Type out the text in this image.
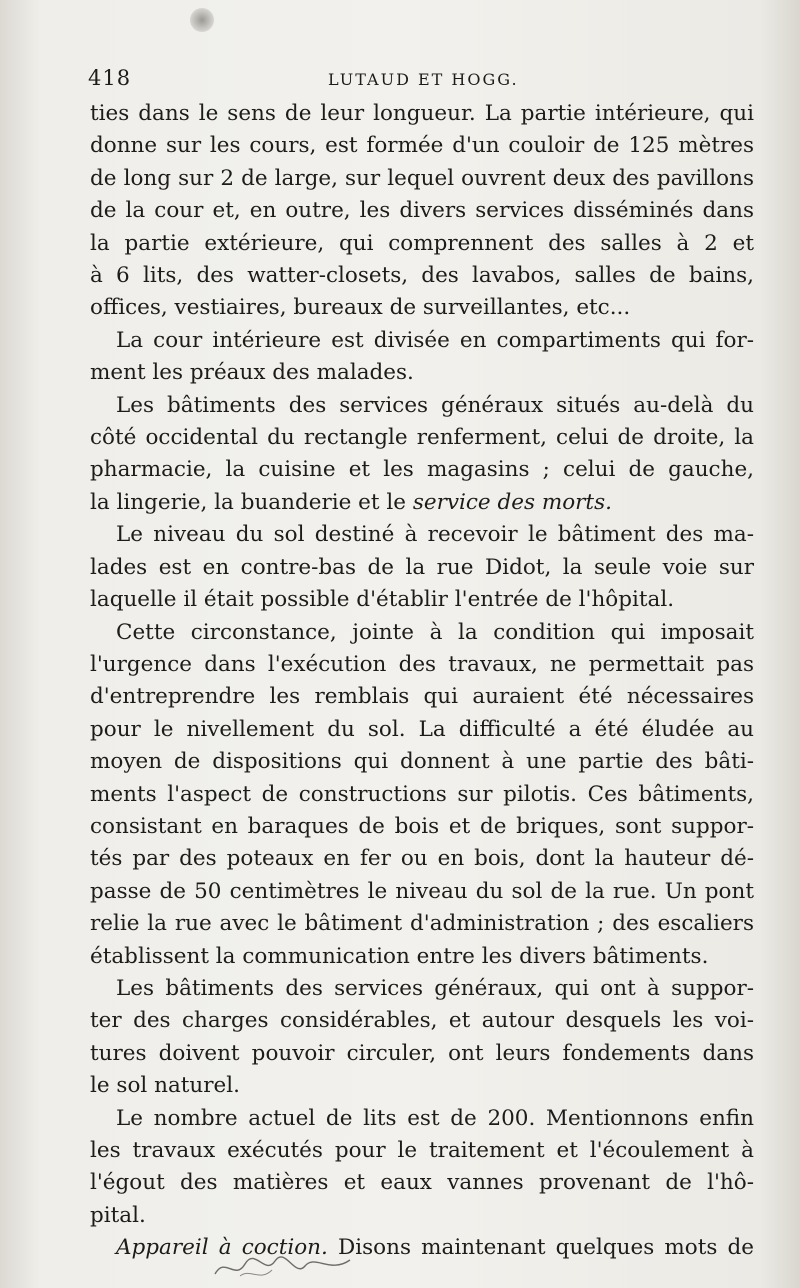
418	LUTAUD ET HOGG.
ties dans le sens de leur longueur. La partie intérieure, qui
donne sur les cours, est formée d'un couloir de 125 mètres
de long sur 2 de large, sur lequel ouvrent deux des pavillons
de la cour et, en outre, les divers services disséminés dans
la partie extérieure, qui comprennent des salles à 2 et
à 6 lits, des watter-closets, des lavabos, salles de bains,
offices, vestiaires, bureaux de surveillantes, etc...
La cour intérieure est divisée en compartiments qui for-
ment les préaux des malades.
Les bâtiments des services généraux situés au-delà du
côté occidental du rectangle renferment, celui de droite, la
pharmacie, la cuisine et les magasins ; celui de gauche,
la lingerie, la buanderie et le service des morts.
Le niveau du sol destiné à recevoir le bâtiment des ma-
lades est en contre-bas de la rue Didot, la seule voie sur
laquelle il était possible d'établir l'entrée de l'hôpital.
Cette circonstance, jointe à la condition qui imposait
l'urgence dans l'exécution des travaux, ne permettait pas
d'entreprendre les remblais qui auraient été nécessaires
pour le nivellement du sol. La difficulté a été éludée au
moyen de dispositions qui donnent à une partie des bâti-
ments l'aspect de constructions sur pilotis. Ces bâtiments,
consistant en baraques de bois et de briques, sont suppor-
tés par des poteaux en fer ou en bois, dont la hauteur dé-
passe de 50 centimètres le niveau du sol de la rue. Un pont
relie la rue avec le bâtiment d'administration ; des escaliers
établissent la communication entre les divers bâtiments.
Les bâtiments des services généraux, qui ont à suppor-
ter des charges considérables, et autour desquels les voi-
tures doivent pouvoir circuler, ont leurs fondements dans
le sol naturel.
Le nombre actuel de lits est de 200. Mentionnons enfin
les travaux exécutés pour le traitement et l'écoulement à
l'égout des matières et eaux vannes provenant de l'hô-
pital.
Appareil à coction. Disons maintenant quelques mots de
